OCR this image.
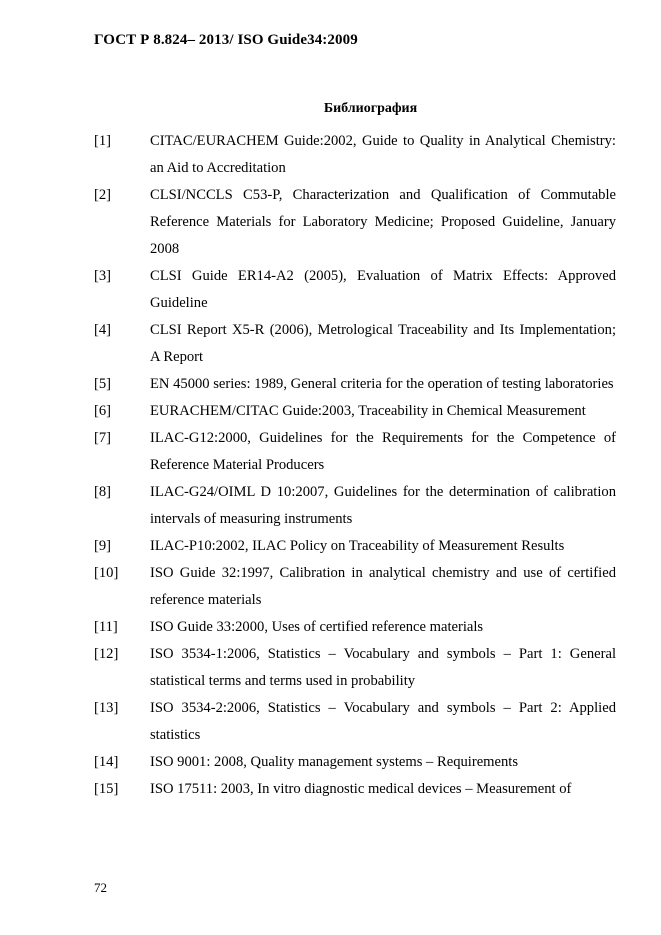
ГОСТ Р 8.824– 2013/ ISO Guide34:2009
Библиография
[1]	CITAC/EURACHEM Guide:2002, Guide to Quality in Analytical Chemistry: an Aid to Accreditation
[2]	CLSI/NCCLS C53-P, Characterization and Qualification of Commutable Reference Materials for Laboratory Medicine; Proposed Guideline, January 2008
[3]	CLSI Guide ER14-A2 (2005), Evaluation of Matrix Effects: Approved Guideline
[4]	CLSI Report X5-R (2006), Metrological Traceability and Its Implementation; A Report
[5]	EN 45000 series: 1989, General criteria for the operation of testing laboratories
[6]	EURACHEM/CITAC Guide:2003, Traceability in Chemical Measurement
[7]	ILAC-G12:2000, Guidelines for the Requirements for the Competence of Reference Material Producers
[8]	ILAC-G24/OIML D 10:2007, Guidelines for the determination of calibration intervals of measuring instruments
[9]	ILAC-P10:2002, ILAC Policy on Traceability of Measurement Results
[10]	ISO Guide 32:1997, Calibration in analytical chemistry and use of certified reference materials
[11]	ISO Guide 33:2000, Uses of certified reference materials
[12]	ISO 3534-1:2006, Statistics – Vocabulary and symbols – Part 1: General statistical terms and terms used in probability
[13]	ISO 3534-2:2006, Statistics – Vocabulary and symbols – Part 2: Applied statistics
[14]	ISO 9001: 2008, Quality management systems – Requirements
[15]	ISO 17511: 2003, In vitro diagnostic medical devices – Measurement of
72
